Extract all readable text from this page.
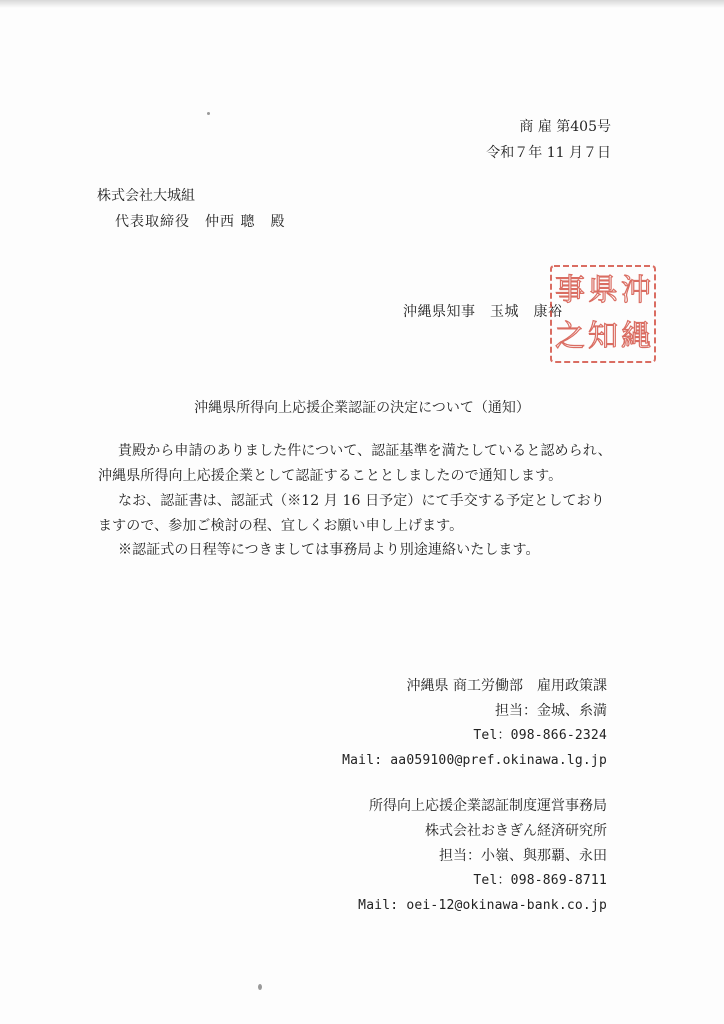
商 雇 第405号
令和７年 11 月７日
株式会社大城組
代表取締役　仲西 聰　殿
沖縄県知事　玉城　康裕
沖
県
事
縄
知
之
沖縄県所得向上応援企業認証の決定について（通知）
貴殿から申請のありました件について、認証基準を満たしていると認められ、
沖縄県所得向上応援企業として認証することとしましたので通知します。
なお、認証書は、認証式（※12 月 16 日予定）にて手交する予定としており
ますので、参加ご検討の程、宜しくお願い申し上げます。
※認証式の日程等につきましては事務局より別途連絡いたします。
沖縄県 商工労働部　雇用政策課
担当：金城、糸満
Tel：098-866-2324
Mail: aa059100@pref.okinawa.lg.jp
所得向上応援企業認証制度運営事務局
株式会社おきぎん経済研究所
担当：小嶺、與那覇、永田
Tel：098-869-8711
Mail: oei-12@okinawa-bank.co.jp
